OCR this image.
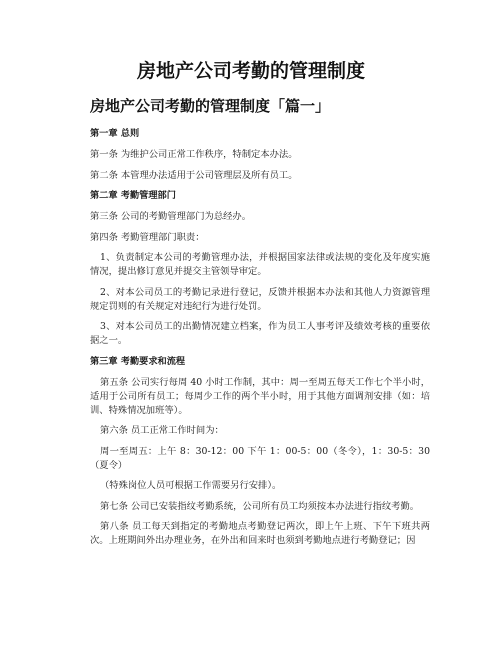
房地产公司考勤的管理制度
房地产公司考勤的管理制度「篇一」

第一章 总则

第一条 为维护公司正常工作秩序，特制定本办法。

第二条 本管理办法适用于公司管理层及所有员工。

第二章 考勤管理部门

第三条 公司的考勤管理部门为总经办。

第四条 考勤管理部门职责：

1、负责制定本公司的考勤管理办法，并根据国家法律或法规的变化及年度实施情况，提出修订意见并提交主管领导审定。

2、对本公司员工的考勤记录进行登记，反馈并根据本办法和其他人力资源管理规定罚则的有关规定对违纪行为进行处罚。

3、对本公司员工的出勤情况建立档案，作为员工人事考评及绩效考核的重要依据之一。

第三章 考勤要求和流程

第五条 公司实行每周 40 小时工作制，其中：周一至周五每天工作七个半小时，适用于公司所有员工；每周少工作的两个半小时，用于其他方面调剂安排（如：培训、特殊情况加班等）。

第六条 员工正常工作时间为：

周一至周五：上午 8：30-12：00 下午 1：00-5：00（冬令），1：30-5：30（夏令）

（特殊岗位人员可根据工作需要另行安排）。

第七条 公司已安装指纹考勤系统，公司所有员工均须按本办法进行指纹考勤。

第八条 员工每天到指定的考勤地点考勤登记两次，即上午上班、下午下班共两次。上班期间外出办理业务，在外出和回来时也须到考勤地点进行考勤登记；因
